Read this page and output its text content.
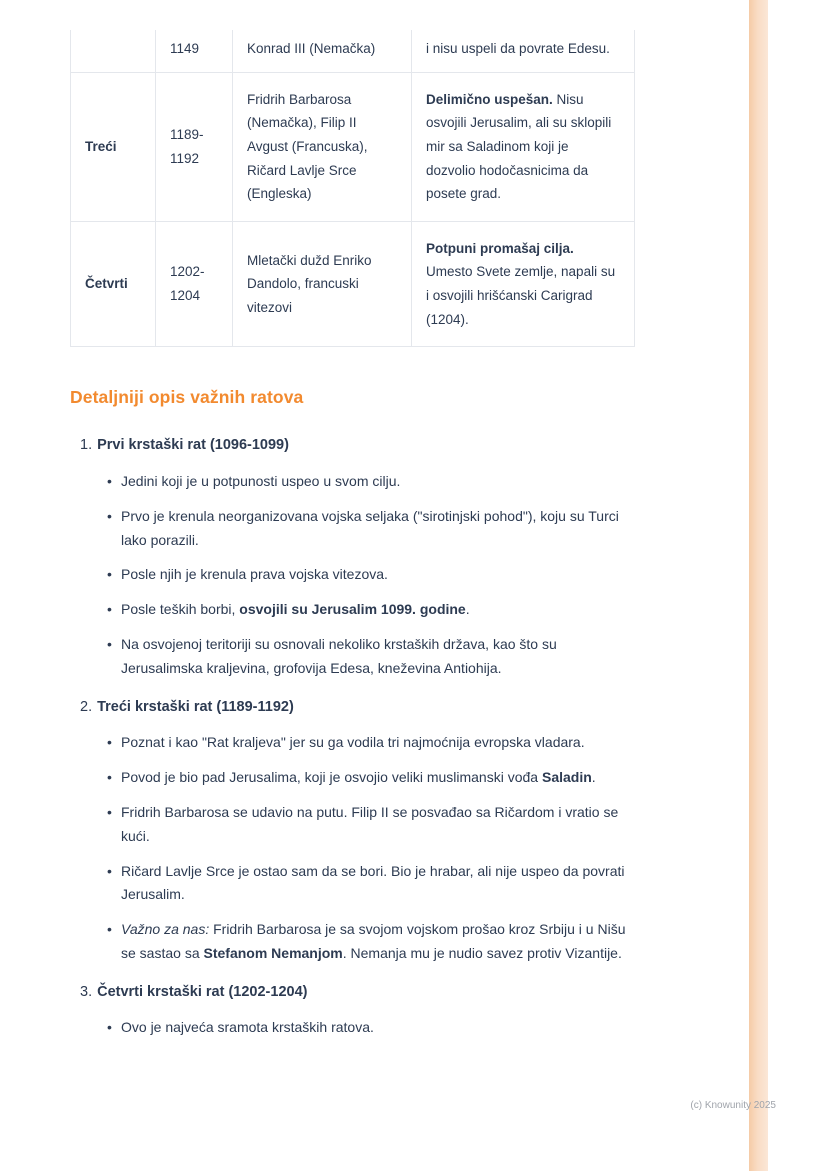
	1149	Konrad III (Nemačka)	i nisu uspeli da povrate Edesu.
Treći	1189-1192	Fridrih Barbarosa (Nemačka), Filip II Avgust (Francuska), Ričard Lavlje Srce (Engleska)	Delimično uspešan. Nisu osvojili Jerusalim, ali su sklopili mir sa Saladinom koji je dozvolio hodočasnicima da posete grad.
Četvrti	1202-1204	Mletački dužd Enriko Dandolo, francuski vitezovi	Potpuni promašaj cilja. Umesto Svete zemlje, napali su i osvojili hrišćanski Carigrad (1204).
Detaljniji opis važnih ratova
1. Prvi krstaški rat (1096-1099)
• Jedini koji je u potpunosti uspeo u svom cilju.
• Prvo je krenula neorganizovana vojska seljaka ("sirotinjski pohod"), koju su Turci lako porazili.
• Posle njih je krenula prava vojska vitezova.
• Posle teških borbi, osvojili su Jerusalim 1099. godine.
• Na osvojenoj teritoriji su osnovali nekoliko krstaških država, kao što su Jerusalimska kraljevina, grofovija Edesa, kneževina Antiohija.
2. Treći krstaški rat (1189-1192)
• Poznat i kao "Rat kraljeva" jer su ga vodila tri najmoćnija evropska vladara.
• Povod je bio pad Jerusalima, koji je osvojio veliki muslimanski vođa Saladin.
• Fridrih Barbarosa se udavio na putu. Filip II se posvađao sa Ričardom i vratio se kući.
• Ričard Lavlje Srce je ostao sam da se bori. Bio je hrabar, ali nije uspeo da povrati Jerusalim.
• Važno za nas: Fridrih Barbarosa je sa svojom vojskom prošao kroz Srbiju i u Nišu se sastao sa Stefanom Nemanjom. Nemanja mu je nudio savez protiv Vizantije.
3. Četvrti krstaški rat (1202-1204)
• Ovo je najveća sramota krstaških ratova.
(c) Knowunity 2025
